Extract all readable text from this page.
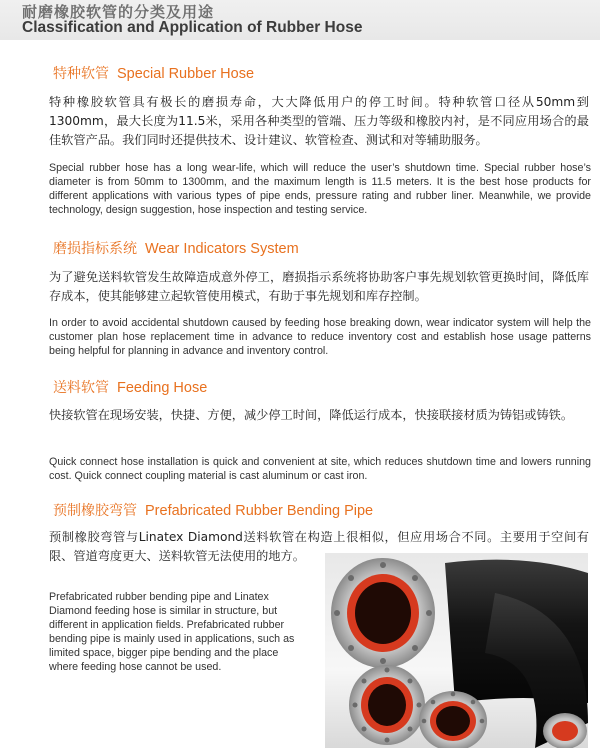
耐磨橡胶软管的分类及用途
Classification and Application of Rubber Hose
特种软管 Special Rubber Hose
特种橡胶软管具有极长的磨损寿命，大大降低用户的停工时间。特种软管口径从50mm到1300mm，最大长度为11.5米，采用各种类型的管端、压力等级和橡胶内衬，是不同应用场合的最佳软管产品。我们同时还提供技术、设计建议、软管检查、测试和对等辅助服务。
Special rubber hose has a long wear-life, which will reduce the user’s shutdown time. Special rubber hose’s diameter is from 50mm to 1300mm, and the maximum length is 11.5 meters. It is the best hose products for different applications with various types of pipe ends, pressure rating and rubber liner. Meanwhile, we provide technology, design suggestion, hose inspection and testing service.
磨损指标系统 Wear Indicators System
为了避免送料软管发生故障造成意外停工，磨损指示系统将协助客户事先规划软管更换时间，降低库存成本，使其能够建立起软管使用模式，有助于事先规划和库存控制。
In order to avoid accidental shutdown caused by feeding hose breaking down, wear indicator system will help the customer plan hose replacement time in advance to reduce inventory cost and establish hose usage patterns being helpful for planning in advance and inventory control.
送料软管 Feeding Hose
快接软管在现场安装，快捷、方便，减少停工时间，降低运行成本，快接联接材质为铸铝或铸铁。
Quick connect hose installation is quick and convenient at site, which reduces shutdown time and lowers running cost. Quick connect coupling material is cast aluminum or cast iron.
预制橡胶弯管 Prefabricated Rubber Bending Pipe
预制橡胶弯管与Linatex Diamond送料软管在构造上很相似，但应用场合不同。主要用于空间有限、管道弯度更大、送料软管无法使用的地方。
Prefabricated rubber bending pipe and Linatex Diamond feeding hose is similar in structure, but different in application fields. Prefabricated rubber bending pipe is mainly used in applications, such as limited space, bigger pipe bending and the place where feeding hose cannot be used.
